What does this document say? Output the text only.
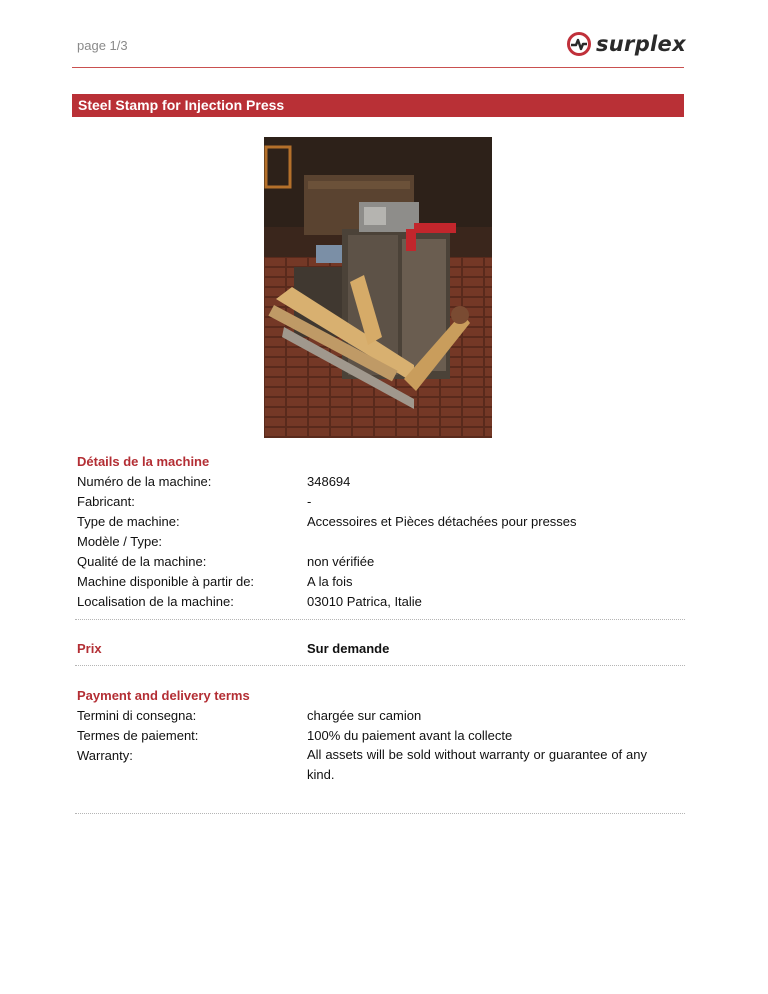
page 1/3	surplex
Steel Stamp for Injection Press
Détails de la machine
Numéro de la machine:	348694
Fabricant:	-
Type de machine:	Accessoires et Pièces détachées pour presses
Modèle / Type:
Qualité de la machine:	non vérifiée
Machine disponible à partir de:	A la fois
Localisation de la machine:	03010 Patrica, Italie
Prix	Sur demande
Payment and delivery terms
Termini di consegna:	chargée sur camion
Termes de paiement:	100% du paiement avant la collecte
Warranty:	All assets will be sold without warranty or guarantee of any kind.
